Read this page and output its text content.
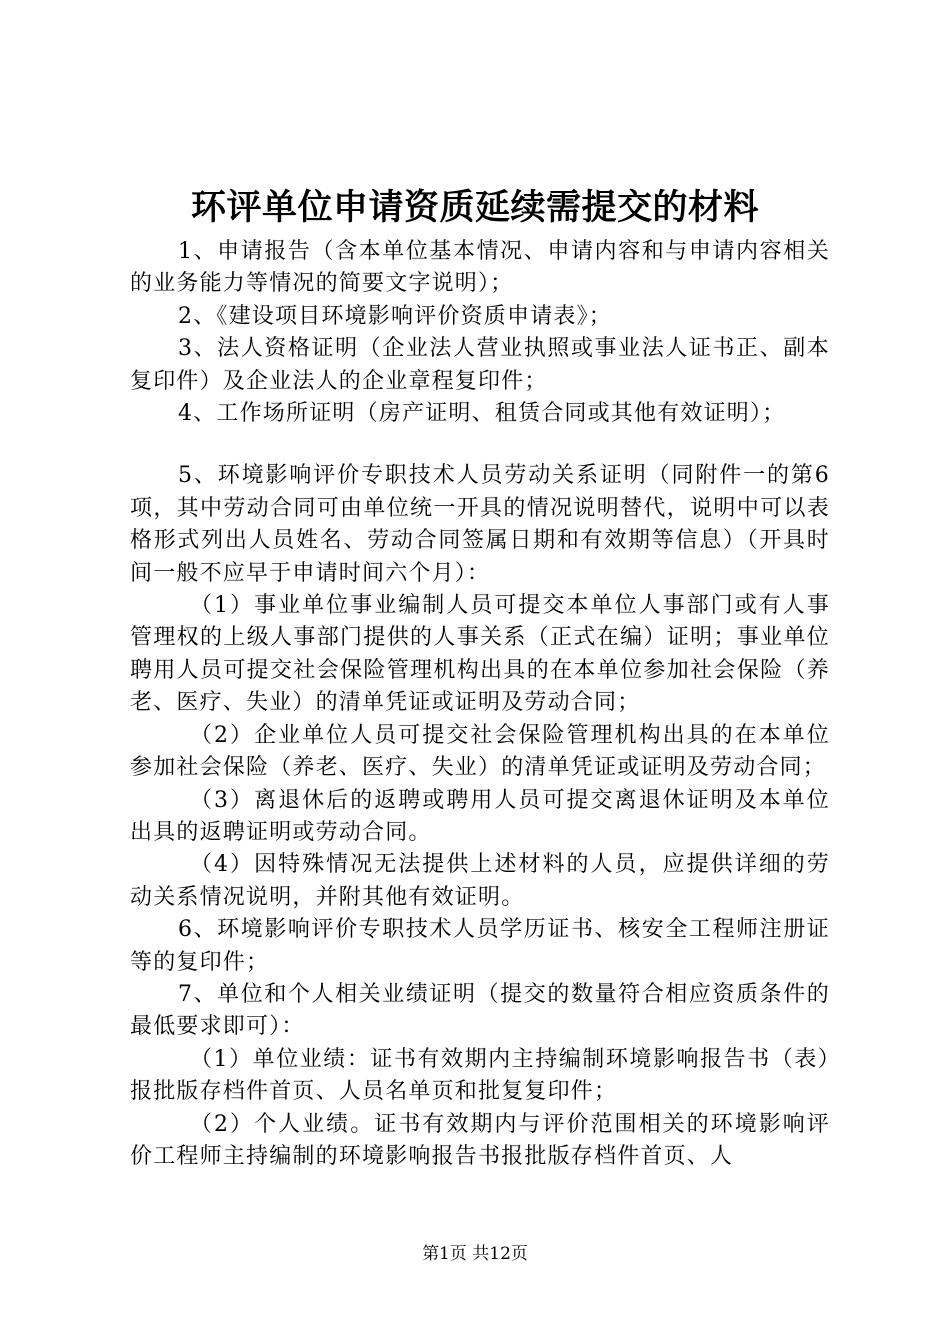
环评单位申请资质延续需提交的材料

1、申请报告（含本单位基本情况、申请内容和与申请内容相关的业务能力等情况的简要文字说明）；

2、《建设项目环境影响评价资质申请表》；

3、法人资格证明（企业法人营业执照或事业法人证书正、副本复印件）及企业法人的企业章程复印件；

4、工作场所证明（房产证明、租赁合同或其他有效证明）；

5、环境影响评价专职技术人员劳动关系证明（同附件一的第6项，其中劳动合同可由单位统一开具的情况说明替代，说明中可以表格形式列出人员姓名、劳动合同签属日期和有效期等信息）（开具时间一般不应早于申请时间六个月）：

（1）事业单位事业编制人员可提交本单位人事部门或有人事管理权的上级人事部门提供的人事关系（正式在编）证明；事业单位聘用人员可提交社会保险管理机构出具的在本单位参加社会保险（养老、医疗、失业）的清单凭证或证明及劳动合同；

（2）企业单位人员可提交社会保险管理机构出具的在本单位参加社会保险（养老、医疗、失业）的清单凭证或证明及劳动合同；

（3）离退休后的返聘或聘用人员可提交离退休证明及本单位出具的返聘证明或劳动合同。

（4）因特殊情况无法提供上述材料的人员，应提供详细的劳动关系情况说明，并附其他有效证明。

6、环境影响评价专职技术人员学历证书、核安全工程师注册证等的复印件；

7、单位和个人相关业绩证明（提交的数量符合相应资质条件的最低要求即可）：

（1）单位业绩：证书有效期内主持编制环境影响报告书（表）报批版存档件首页、人员名单页和批复复印件；

（2）个人业绩。证书有效期内与评价范围相关的环境影响评价工程师主持编制的环境影响报告书报批版存档件首页、人

第1页 共12页
